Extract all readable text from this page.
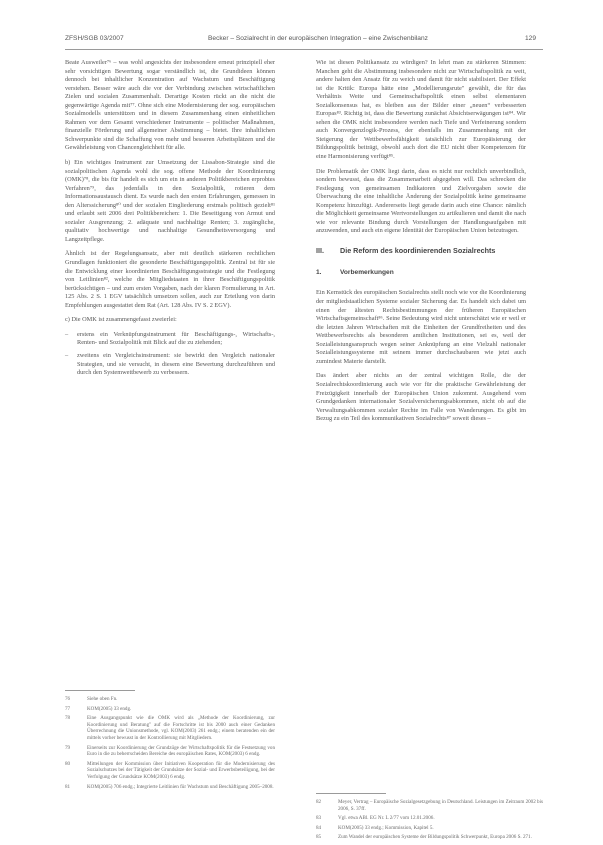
ZFSH/SGB 03/2007	Becker – Sozialrecht in der europäischen Integration – eine Zwischenbilanz	129

Beate Ausweiler⁷⁶ – was wohl angesichts der insbesondere erneut prinzipiell eher sehr vorsichtigen Bewertung sogar verständlich ist, die Grundideen können dennoch bei inhaltlicher Konzentration auf Wachstum und Beschäftigung verstehen. Besser wäre auch die vor der Verbindung zwischen wirtschaftlichen Zielen und sozialen Zusammenhalt. Derartige Kosten rückt an die nicht die gegenwärtige Agenda mit⁷⁷. Ohne sich eine Modernisierung der sog. europäischen Sozialmodells unterstützen und in diesem Zusammenhang einen einheitlichen Rahmen vor dem Gesamt verschiedener Instrumente – politischer Maßnahmen, finanzielle Förderung und allgemeiner Abstimmung – bietet. Ihre inhaltlichen Schwerpunkte sind die Schaffung von mehr und besseren Arbeitsplätzen und die Gewährleistung von Chancengleichheit für alle.

b) Ein wichtiges Instrument zur Umsetzung der Lissabon-Strategie sind die sozialpolitischen Agenda wohl die sog. offene Methode der Koordinierung (OMK)⁷⁸, die bis für handelt es sich um ein in anderen Politikbereichen erprobtes Verfahren⁷⁹, das jedenfalls in den Sozialpolitik, rotieren dem Informationsaustausch dient. Es wurde nach den ersten Erfahrungen, gemessen in den Alterssicherung⁸⁰ und der sozialen Eingliederung erstmals politisch gezielt⁸¹ und erlaubt seit 2006 drei Politikbereichen: 1. Die Beseitigung von Armut und sozialer Ausgrenzung; 2. adäquate und nachhaltige Renten; 3. zugängliche, qualitativ hochwertige und nachhaltige Gesundheitsversorgung und Langzeitpflege.

Ähnlich ist der Regelungsansatz, aber mit deutlich stärkeren rechtlichen Grundlagen funktioniert die gesonderte Beschäftigungspolitik. Zentral ist für sie die Entwicklung einer koordinierten Beschäftigungsstrategie und die Festlegung von Leitlinien⁸², welche die Mitgliedstaaten in ihrer Beschäftigungspolitik berücksichtigen – und zum ersten Vorgaben, nach der klaren Formulierung in Art. 125 Abs. 2 S. 1 EGV tatsächlich umsetzen sollen, auch zur Erteilung von darin Empfehlungen ausgestattet dem Rat (Art. 128 Abs. IV S. 2 EGV).

c) Die OMK ist zusammengefasst zweierlei:

– erstens ein Verknüpfungsinstrument für Beschäftigungs-, Wirtschafts-, Renten- und Sozialpolitik mit Blick auf die zu ziehenden;
– zweitens ein Vergleichsinstrument: sie bewirkt den Vergleich nationaler Strategien, und sie versucht, in diesem eine Bewertung durchzuführen und durch den Systemwettbewerb zu verbessern.
76	Siehe oben Fn.
77	KOM(2005) 33 endg.
78	Eine Ausgangspunkt wie die OMK wird als „Methode der Koordinierung, zur Koordinierung und Beratung" auf die Fortschritte ist bis 2000 auch einer Gedanken Überrechnung die Unionsmethode, vgl. KOM(2003) 261 endg.; einem beratenden ein der mittels vorher bewusst in der Kontrollierung mit Mitgliedern.
79	Einerseits zur Koordinierung der Grundzüge der Wirtschaftspolitik für die Festsetzung von Euro in die zu beherrscheiden Bereiche des europäischen Rates, KOM(2003) 6 endg.
80	Mitteilungen der Kommission über Initiativen Kooperation für die Modernisierung des Sozialschutzes bei der Tätigkeit der Grundsätze der Sozial- und Erwerbsbeteiligung, bei der Verfolgung der Grundsätze KOM(2003) 6 endg.
81	KOM(2005) 706 endg.; Integrierte Leitlinien für Wachstum und Beschäftigung 2005–2008.

Wie ist diesen Politikansatz zu würdigen? In lehrt man zu stärkeren Stimmen: Manchen geht die Abstimmung insbesondere nicht zur Wirtschaftspolitik zu weit, andere halten den Ansatz für zu weich und damit für nicht stabilisiert. Der Effekt ist die Kritik: Europa hätte eine „Modellierungsrute" gewählt, die für das Verhältnis Weite und Gemeinschaftspolitik einen selbst elementaren Sozialkonsensus hat, es bleiben aus der Bilder einer „neuen“ verbesserten Europas⁸³. Richtig ist, dass die Bewertung zunächst Absichtserwägungen ist⁸⁴. Wir sehen die OMK nicht insbesondere werden nach Tiefe und Verfeinerung sondern auch Konvergenzlogik-Prozess, der ebenfalls im Zusammenhang mit der Steigerung der Wettbewerbsfähigkeit tatsächlich zur Europäisierung der Bildungspolitik beiträgt, obwohl auch dort die EU nicht über Kompetenzen für eine Harmonisierung verfügt⁸⁵.

Die Problematik der OMK liegt darin, dass es nicht nur rechtlich unverbindlich, sondern bewusst, dass die Zusammenarbeit abgegeben will. Das schrecken die Festlegung von gemeinsamen Indikatoren und Zielvorgaben sowie die Überwachung die eine inhaltliche Änderung der Sozialpolitik keine gemeinsame Kompetenz hinzufügt. Andererseits liegt gerade darin auch eine Chance: nämlich die Möglichkeit gemeinsame Wertvorstellungen zu artikulieren und damit die nach wie vor relevante Bindung durch Vorstellungen der Handlungsaufgaben mit anzuwenden, und auch ein eigene Identität der Europäischen Union beizutragen.

III.	Die Reform des koordinierenden Sozialrechts
1.	Vorbemerkungen

Ein Kernstück des europäischen Sozialrechts stellt noch wie vor die Koordinierung der mitgliedstaatlichen Systeme sozialer Sicherung dar. Es handelt sich dabei um einen der ältesten Rechtsbestimmungen der früheren Europäischen Wirtschaftsgemeinschaft⁸⁶. Seine Bedeutung wird nicht unterschätzt wie er weil er die letzten Jahren Wirtschaften mit die Einheiten der Grundfreiheiten und des Wettbewerbsrechts als besonderen amtlichen Institutionen, sei es, weil der Sozialleistungsanspruch wegen seiner Anknüpfung an eine Vielzahl nationaler Sozialleistungssysteme mit seinem immer durchschaubaren wie jetzt auch zumindest Materie darstellt.

Das ändert aber nichts an der zentral wichtigen Rolle, die der Sozialrechtskoordinierung auch wie vor für die praktische Gewährleistung der Freizügigkeit innerhalb der Europäischen Union zukommt. Ausgehend vom Grundgedanken internationaler Sozialversicherungsabkommen, nicht ob auf die Verwaltungsabkommen sozialer Rechte im Falle von Wanderungen. Es gibt im Bezug zu ein Teil des kommunikativen Sozialrechts⁸⁷ soweit dieses –

82	Meyer, Vertrag – Europäische Sozialgesetzgebung in Deutschland. Leistungen im Zeitraum 2002 bis 2006, S. 37ff.
83	Vgl. etwa ABl. EG Nr. L 2/77 vom 12.01.2006.
84	KOM(2005) 33 endg.; Kommission, Kapitel 5.
85	Zum Wandel der europäischen Systeme der Bildungspolitik Schwerpunkt, Europa 2006 S. 271.
